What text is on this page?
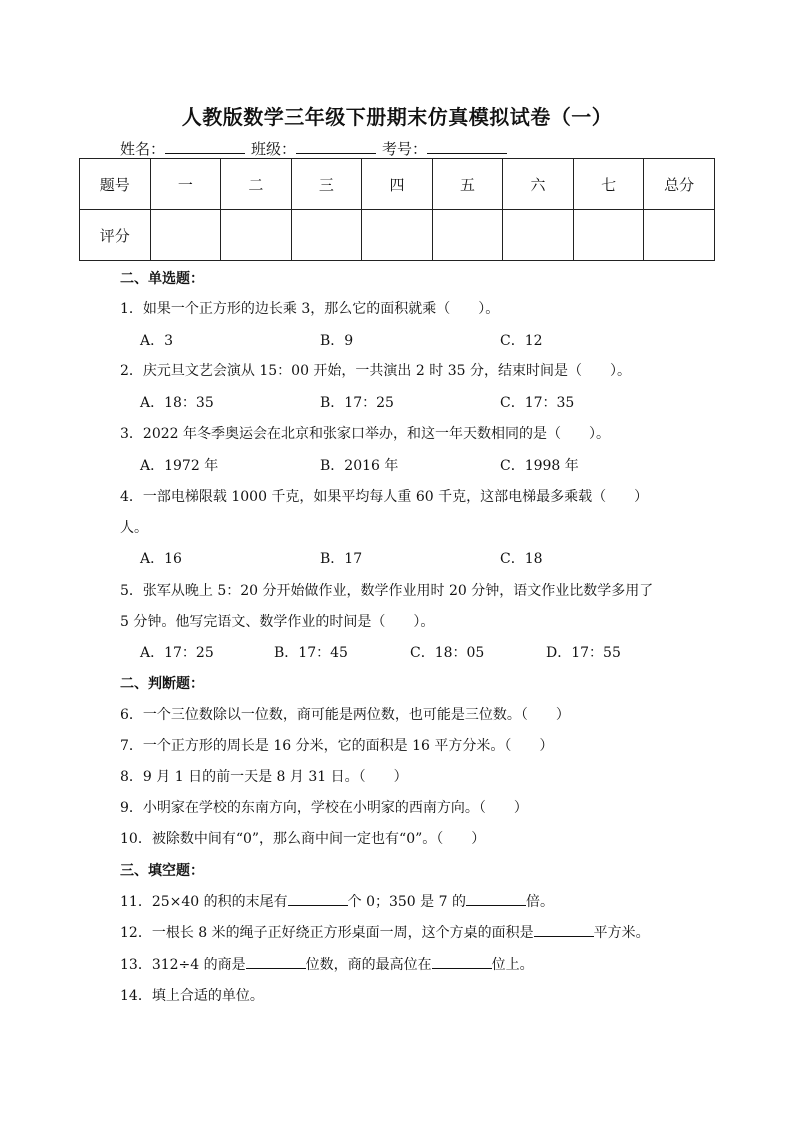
人教版数学三年级下册期末仿真模拟试卷（一）
姓名：	班级：	考号：
题号	一	二	三	四	五	六	七	总分
评分								
二、单选题：
1．如果一个正方形的边长乘 3，那么它的面积就乘（　　）。
A．3	B．9	C．12
2．庆元旦文艺会演从 15：00 开始，一共演出 2 时 35 分，结束时间是（　　）。
A．18：35	B．17：25	C．17：35
3．2022 年冬季奥运会在北京和张家口举办，和这一年天数相同的是（　　）。
A．1972 年	B．2016 年	C．1998 年
4．一部电梯限载 1000 千克，如果平均每人重 60 千克，这部电梯最多乘载（　　）
人。
A．16	B．17	C．18
5．张军从晚上 5：20 分开始做作业，数学作业用时 20 分钟，语文作业比数学多用了
5 分钟。他写完语文、数学作业的时间是（　　）。
A．17：25	B．17：45	C．18：05	D．17：55
二、判断题：
6．一个三位数除以一位数，商可能是两位数，也可能是三位数。（　　）
7．一个正方形的周长是 16 分米，它的面积是 16 平方分米。（　　）
8．9 月 1 日的前一天是 8 月 31 日。（　　）
9．小明家在学校的东南方向，学校在小明家的西南方向。（　　）
10．被除数中间有“0”，那么商中间一定也有“0”。（　　）
三、填空题：
11．25×40 的积的末尾有	个 0；350 是 7 的	倍。
12．一根长 8 米的绳子正好绕正方形桌面一周，这个方桌的面积是	平方米。
13．312÷4 的商是	位数，商的最高位在	位上。
14．填上合适的单位。
